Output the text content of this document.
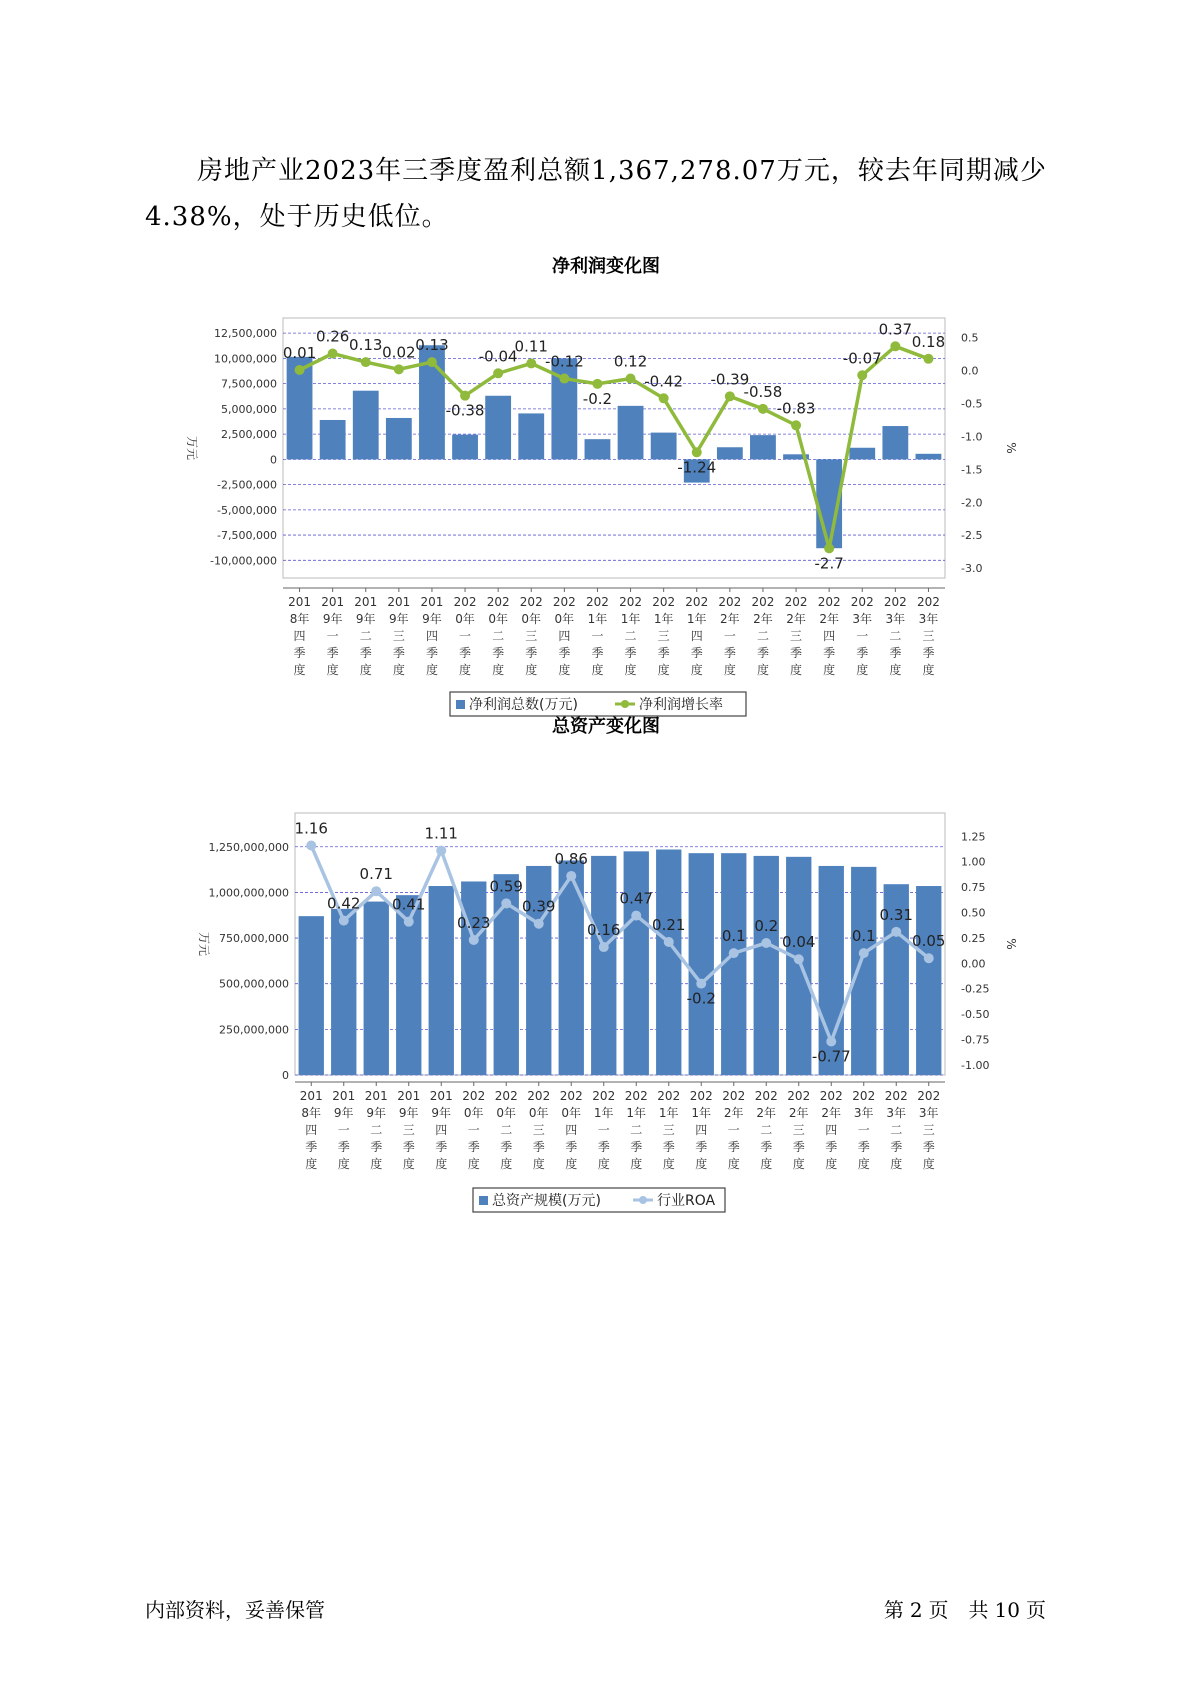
房地产业2023年三季度盈利总额1,367,278.07万元，较去年同期减少4.38%，处于历史低位。
净利润变化图
总资产变化图
12,500,000
10,000,000
7,500,000
5,000,000
2,500,000
0
-2,500,000
-5,000,000
-7,500,000
-10,000,000
0.5
0.0
-0.5
-1.0
-1.5
-2.0
-2.5
-3.0
万元	%
0.01
0.26 0.13 0.02 0.13
-0.38
-0.04
0.11
-0.12
-0.2
0.12
-0.42
-1.24
-0.39
-0.58
-0.83
-2.7
-0.07
0.37
0.18
201 8年四季度
201 9年一季度
201 9年二季度
201 9年三季度
201 9年四季度
202 0年一季度
202 0年二季度
202 0年三季度
202 0年四季度
202 1年一季度
202 1年二季度
202 1年三季度
202 1年四季度
202 2年一季度
202 2年二季度
202 2年三季度
202 2年四季度
202 3年一季度
202 3年二季度
202 3年三季度
净利润总数(万元)	净利润增长率
1,250,000,000
1,000,000,000
750,000,000
500,000,000
250,000,000
0
1.25
1.00
0.75
0.50
0.25
0.00
-0.25
-0.50
-0.75
-1.00
万元	%
1.16
0.42
0.71
0.41
1.11
0.23
0.59
0.39
0.86
0.16
0.47
0.21
-0.2
0.1
0.2
0.04
-0.77
0.1
0.31
0.05
201 8年四季度
201 9年一季度
201 9年二季度
201 9年三季度
201 9年四季度
202 0年一季度
202 0年二季度
202 0年三季度
202 0年四季度
202 1年一季度
202 1年二季度
202 1年三季度
202 1年四季度
202 2年一季度
202 2年二季度
202 2年三季度
202 2年四季度
202 3年一季度
202 3年二季度
202 3年三季度
总资产规模(万元)	行业ROA
内部资料，妥善保管	第 2 页 共 10 页
